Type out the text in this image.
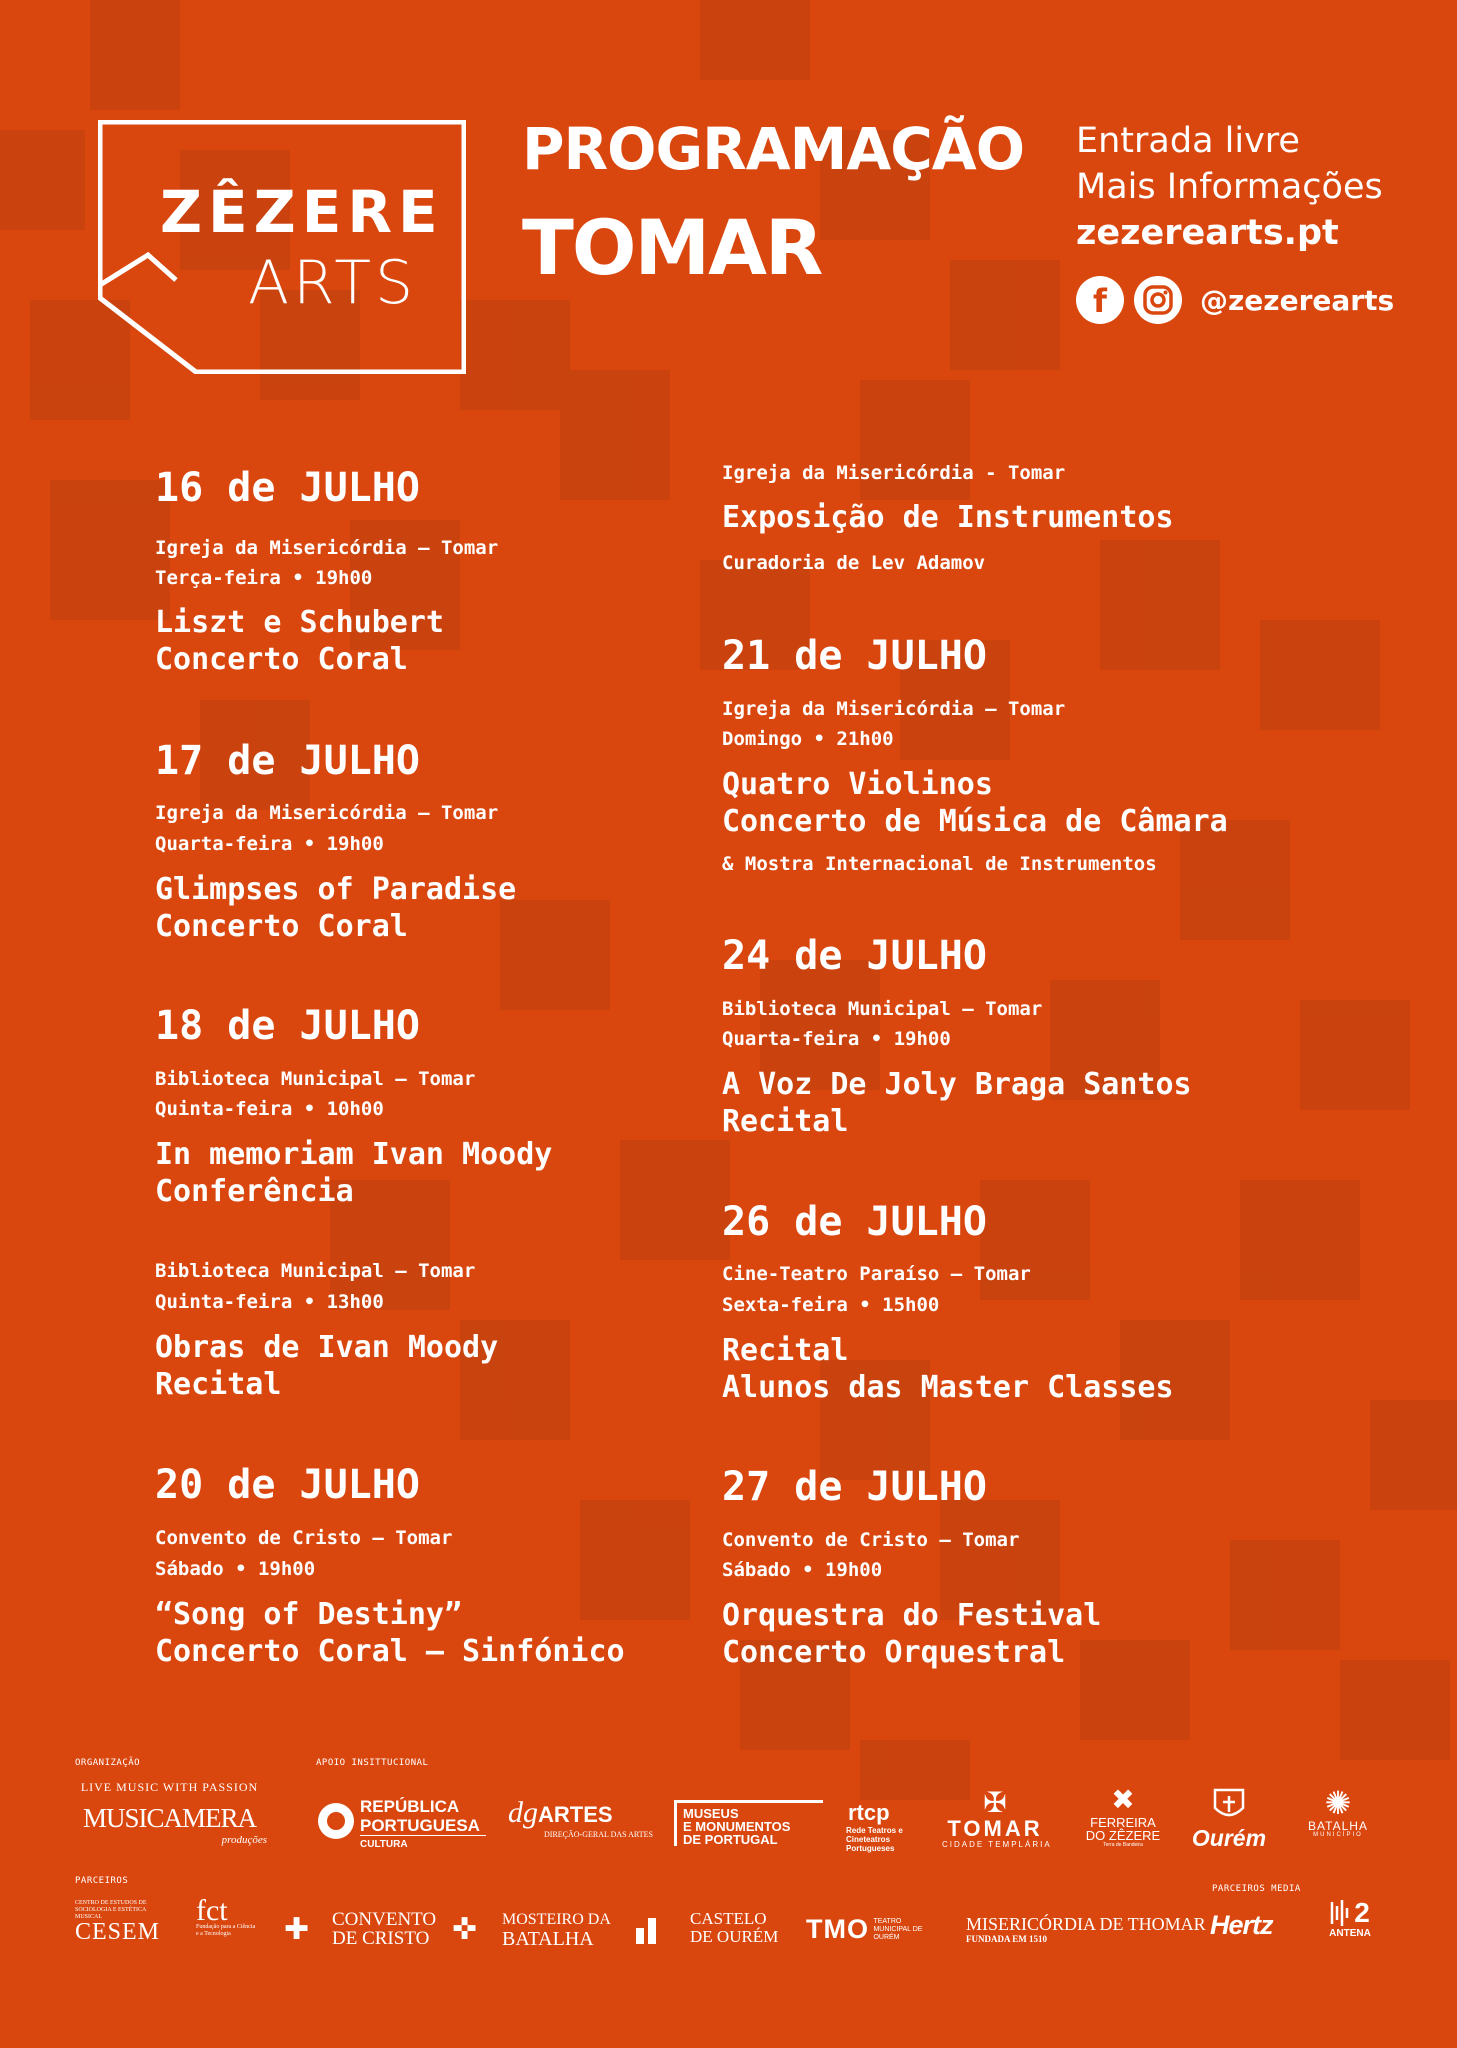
ZÊZERE
ARTS
PROGRAMAÇÃO
TOMAR
Entrada livre
Mais Informações
zezerearts.pt
f	@zezerearts
16 de JULHO
Igreja da Misericórdia – Tomar
Terça-feira • 19h00
Liszt e Schubert
Concerto Coral
17 de JULHO
Igreja da Misericórdia – Tomar
Quarta-feira • 19h00
Glimpses of Paradise
Concerto Coral
18 de JULHO
Biblioteca Municipal – Tomar
Quinta-feira • 10h00
In memoriam Ivan Moody
Conferência
Biblioteca Municipal – Tomar
Quinta-feira • 13h00
Obras de Ivan Moody
Recital
20 de JULHO
Convento de Cristo – Tomar
Sábado • 19h00
“Song of Destiny”
Concerto Coral – Sinfónico
Igreja da Misericórdia - Tomar
Exposição de Instrumentos
Curadoria de Lev Adamov
21 de JULHO
Igreja da Misericórdia – Tomar
Domingo • 21h00
Quatro Violinos
Concerto de Música de Câmara
& Mostra Internacional de Instrumentos
24 de JULHO
Biblioteca Municipal – Tomar
Quarta-feira • 19h00
A Voz De Joly Braga Santos
Recital
26 de JULHO
Cine-Teatro Paraíso – Tomar
Sexta-feira • 15h00
Recital
Alunos das Master Classes
27 de JULHO
Convento de Cristo – Tomar
Sábado • 19h00
Orquestra do Festival
Concerto Orquestral
ORGANIZAÇÃO	APOIO INSITTUCIONAL
PARCEIROS
PARCEIROS MEDIA
LIVE MUSIC WITH PASSION
MUSICAMERA
produções
REPÚBLICA
PORTUGUESA
CULTURA
dgARTES
DIREÇÃO-GERAL DAS ARTES
MUSEUS
E MONUMENTOS
DE PORTUGAL
rtcp
Rede Teatros e Cineteatros Portugueses
✠
TOMAR
CIDADE TEMPLÁRIA
✖
FERREIRA
DO ZÊZERE
Terra de Bandeira	Ourém
✺
BATALHA
MUNICÍPIO
CENTRO DE ESTUDOS DE SOCIOLOGIA E ESTÉTICA MUSICAL
CESEM
fct
Fundação para a Ciência e a Tecnologia	✚ CONVENTO
DE CRISTO ✜ MOSTEIRO DA
BATALHA
CASTELO
DE OURÉM TMO TEATRO MUNICIPAL DE OURÉM
MISERICÓRDIA DE THOMAR
FUNDADA EM 1510	Hertz	2
ANTENA
